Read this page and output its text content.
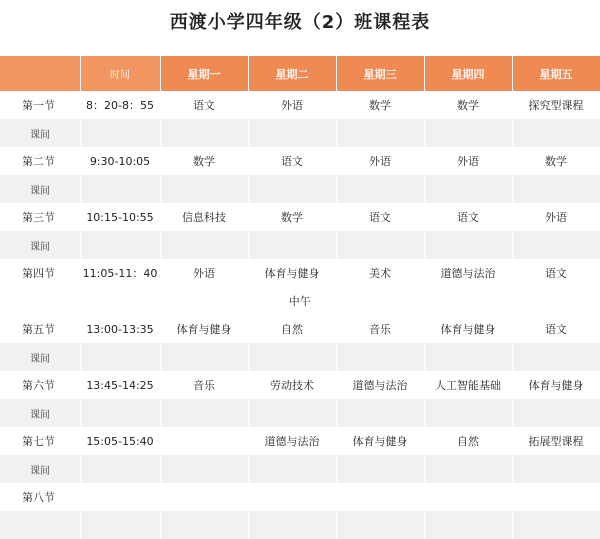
西渡小学四年级（2）班课程表
	时间	星期一	星期二	星期三	星期四	星期五
第一节	8：20-8：55	语文	外语	数学	数学	探究型课程
课间						
第二节	9:30-10:05	数学	语文	外语	外语	数学
课间						
第三节	10:15-10:55	信息科技	数学	语文	语文	外语
课间						
第四节	11:05-11：40	外语	体育与健身	美术	道德与法治	语文
中午						
第五节	13:00-13:35	体育与健身	自然	音乐	体育与健身	语文
课间						
第六节	13:45-14:25	音乐	劳动技术	道德与法治	人工智能基础	体育与健身
课间						
第七节	15:05-15:40		道德与法治	体育与健身	自然	拓展型课程
课间						
第八节						
